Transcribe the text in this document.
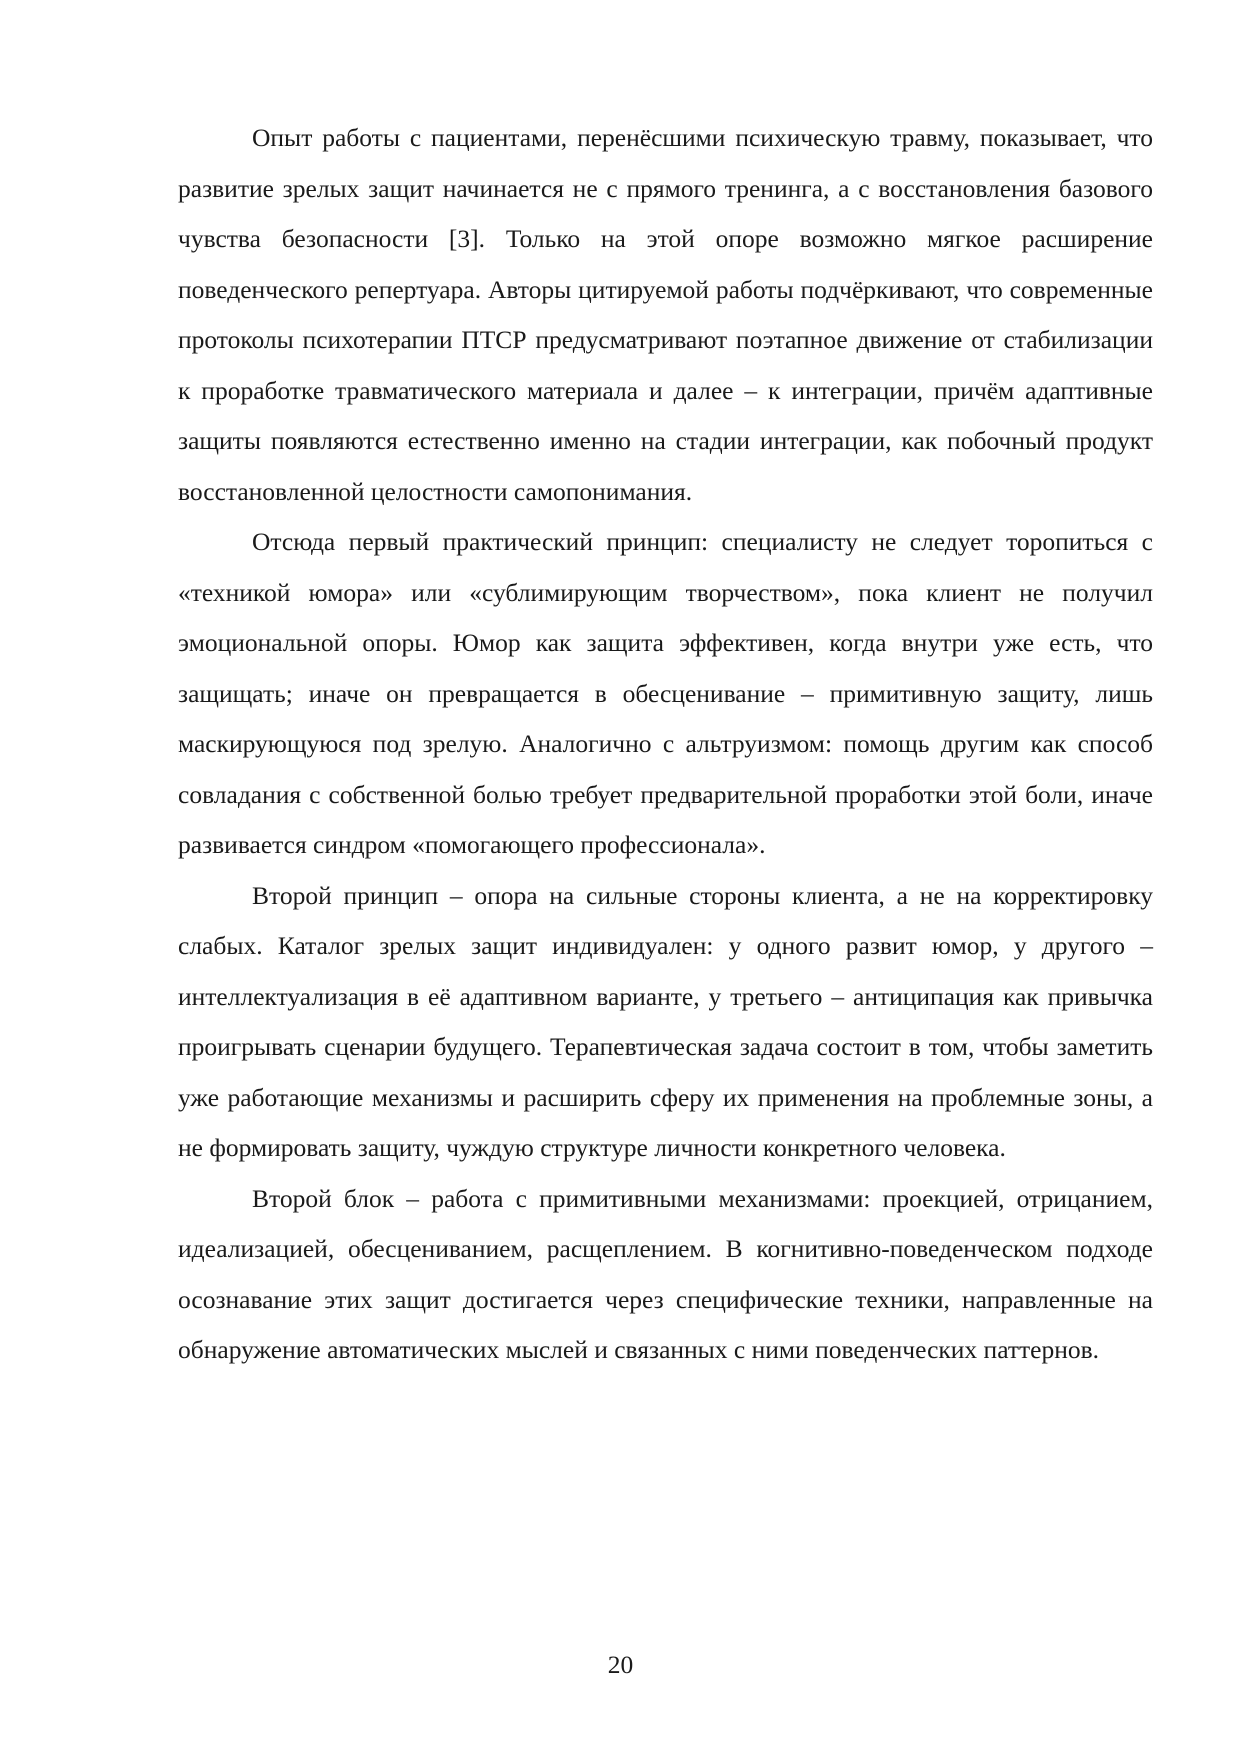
Опыт работы с пациентами, перенёсшими психическую травму, показывает, что развитие зрелых защит начинается не с прямого тренинга, а с восстановления базового чувства безопасности [3]. Только на этой опоре возможно мягкое расширение поведенческого репертуара. Авторы цитируемой работы подчёркивают, что современные протоколы психотерапии ПТСР предусматривают поэтапное движение от стабилизации к проработке травматического материала и далее – к интеграции, причём адаптивные защиты появляются естественно именно на стадии интеграции, как побочный продукт восстановленной целостности самопонимания.

Отсюда первый практический принцип: специалисту не следует торопиться с «техникой юмора» или «сублимирующим творчеством», пока клиент не получил эмоциональной опоры. Юмор как защита эффективен, когда внутри уже есть, что защищать; иначе он превращается в обесценивание – примитивную защиту, лишь маскирующуюся под зрелую. Аналогично с альтруизмом: помощь другим как способ совладания с собственной болью требует предварительной проработки этой боли, иначе развивается синдром «помогающего профессионала».

Второй принцип – опора на сильные стороны клиента, а не на корректировку слабых. Каталог зрелых защит индивидуален: у одного развит юмор, у другого – интеллектуализация в её адаптивном варианте, у третьего – антиципация как привычка проигрывать сценарии будущего. Терапевтическая задача состоит в том, чтобы заметить уже работающие механизмы и расширить сферу их применения на проблемные зоны, а не формировать защиту, чуждую структуре личности конкретного человека.

Второй блок – работа с примитивными механизмами: проекцией, отрицанием, идеализацией, обесцениванием, расщеплением. В когнитивно-поведенческом подходе осознавание этих защит достигается через специфические техники, направленные на обнаружение автоматических мыслей и связанных с ними поведенческих паттернов.

20
